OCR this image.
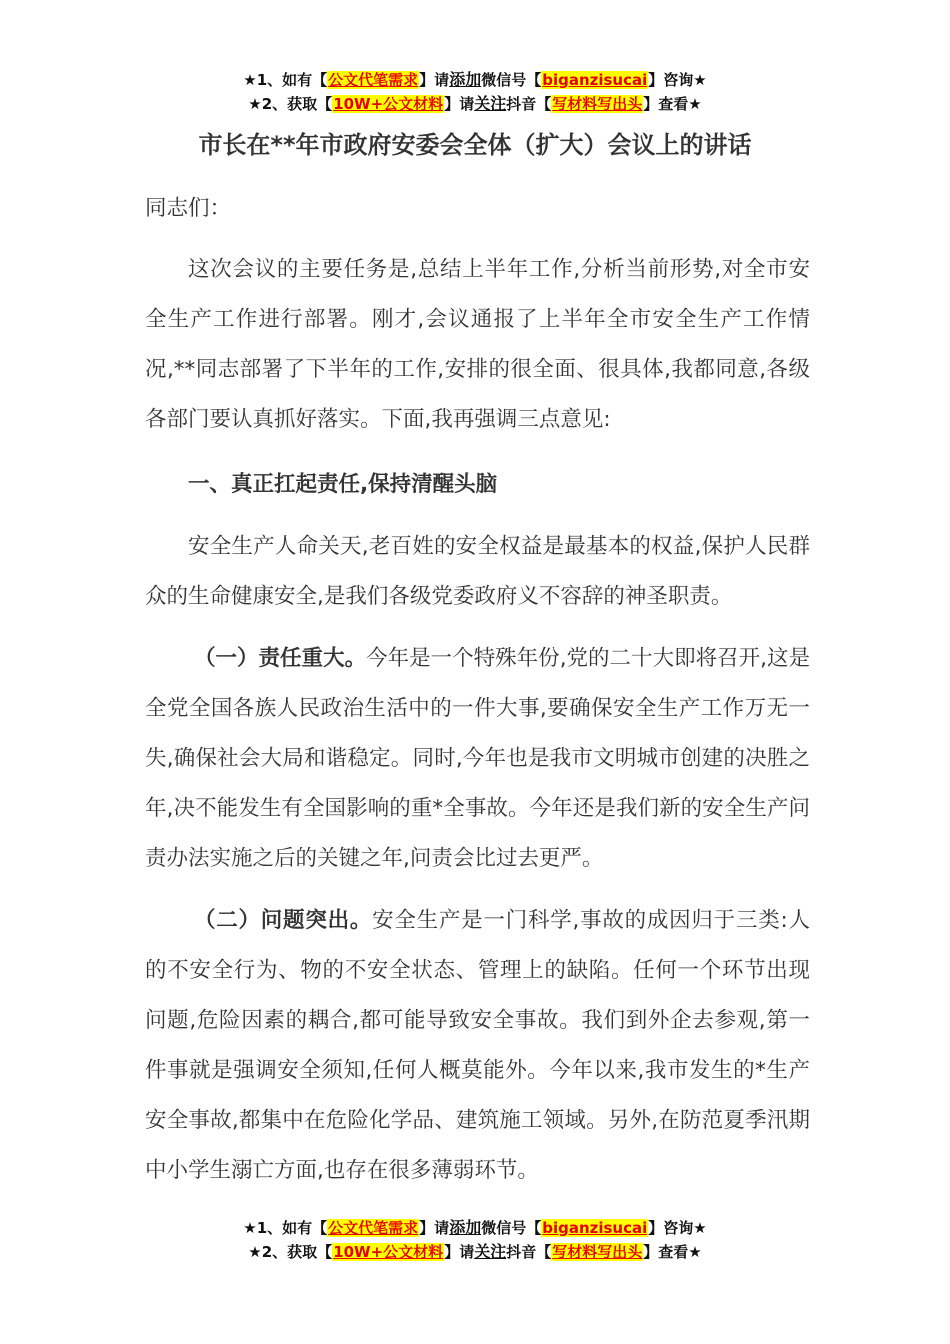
★1、如有【公文代笔需求】请添加微信号【biganzisucai】咨询★
★2、获取【10W+公文材料】请关注抖音【写材料写出头】查看★
市长在**年市政府安委会全体（扩大）会议上的讲话
同志们：
这次会议的主要任务是,总结上半年工作,分析当前形势,对全市安全生产工作进行部署。刚才,会议通报了上半年全市安全生产工作情况,**同志部署了下半年的工作,安排的很全面、很具体,我都同意,各级各部门要认真抓好落实。下面,我再强调三点意见:
一、真正扛起责任,保持清醒头脑
安全生产人命关天,老百姓的安全权益是最基本的权益,保护人民群众的生命健康安全,是我们各级党委政府义不容辞的神圣职责。
（一）责任重大。今年是一个特殊年份,党的二十大即将召开,这是全党全国各族人民政治生活中的一件大事,要确保安全生产工作万无一失,确保社会大局和谐稳定。同时,今年也是我市文明城市创建的决胜之年,决不能发生有全国影响的重*全事故。今年还是我们新的安全生产问责办法实施之后的关键之年,问责会比过去更严。
（二）问题突出。安全生产是一门科学,事故的成因归于三类:人的不安全行为、物的不安全状态、管理上的缺陷。任何一个环节出现问题,危险因素的耦合,都可能导致安全事故。我们到外企去参观,第一件事就是强调安全须知,任何人概莫能外。今年以来,我市发生的*生产安全事故,都集中在危险化学品、建筑施工领域。另外,在防范夏季汛期中小学生溺亡方面,也存在很多薄弱环节。
★1、如有【公文代笔需求】请添加微信号【biganzisucai】咨询★
★2、获取【10W+公文材料】请关注抖音【写材料写出头】查看★
